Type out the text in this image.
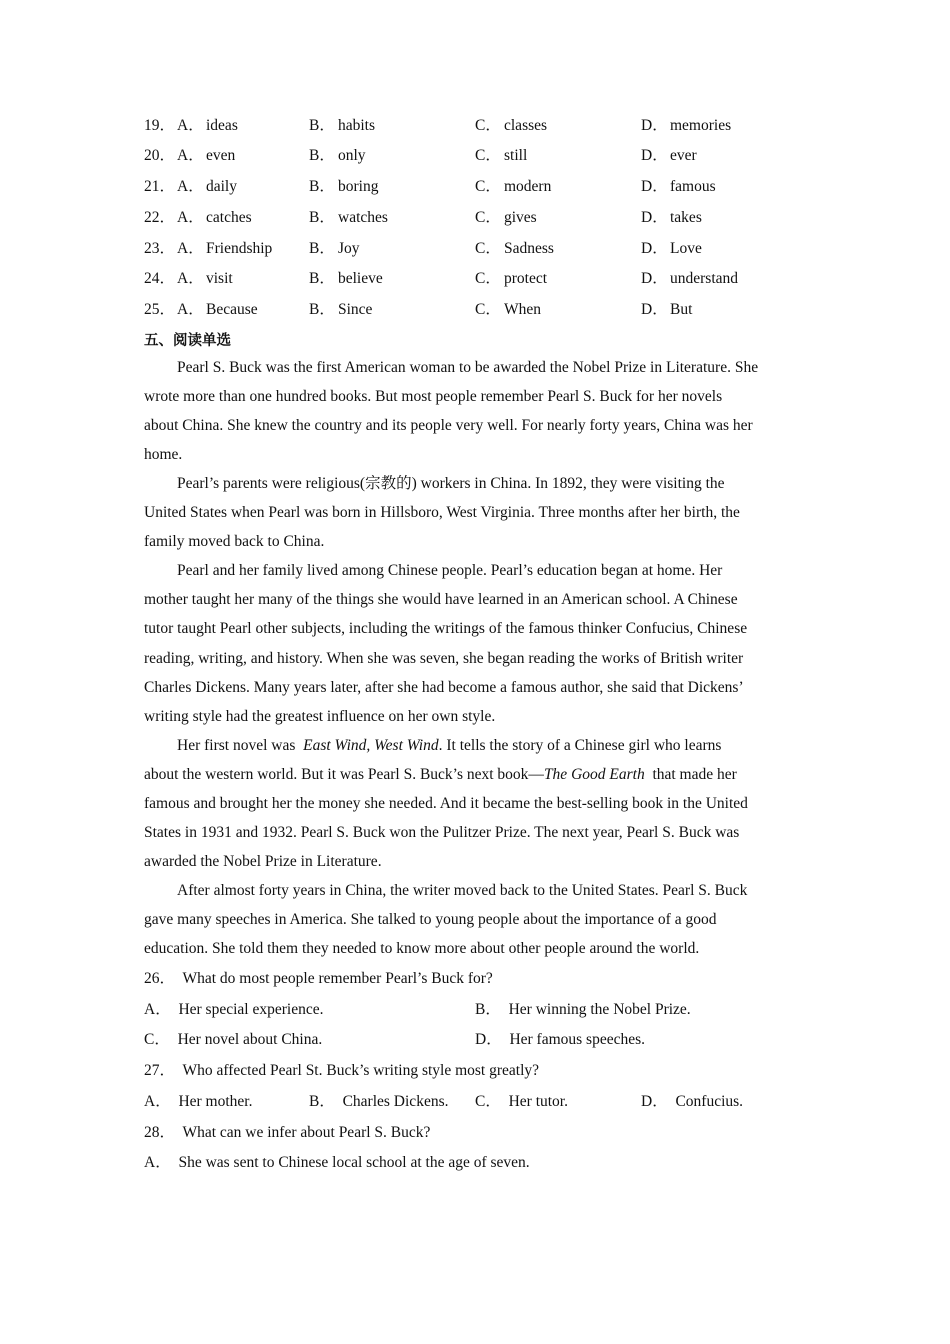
19． A． ideas	B． habits	C． classes	D． memories
20． A． even	B． only	C． still	D． ever
21． A． daily	B． boring	C． modern	D． famous
22． A． catches	B． watches	C． gives	D． takes
23． A． Friendship B． Joy	C． Sadness	D． Love
24． A． visit	B． believe	C． protect	D． understand
25． A． Because	B． Since	C． When	D． But
五、阅读单选
Pearl S. Buck was the first American woman to be awarded the Nobel Prize in Literature. She
wrote more than one hundred books. But most people remember Pearl S. Buck for her novels
about China. She knew the country and its people very well. For nearly forty years, China was her
home.
Pearl’s parents were religious(宗教的) workers in China. In 1892, they were visiting the
United States when Pearl was born in Hillsboro, West Virginia. Three months after her birth, the
family moved back to China.
Pearl and her family lived among Chinese people. Pearl’s education began at home. Her
mother taught her many of the things she would have learned in an American school. A Chinese
tutor taught Pearl other subjects, including the writings of the famous thinker Confucius, Chinese
reading, writing, and history. When she was seven, she began reading the works of British writer
Charles Dickens. Many years later, after she had become a famous author, she said that Dickens’
writing style had the greatest influence on her own style.
Her first novel was  East Wind, West Wind. It tells the story of a Chinese girl who learns
about the western world. But it was Pearl S. Buck’s next book—The Good Earth  that made her
famous and brought her the money she needed. And it became the best-selling book in the United
States in 1931 and 1932. Pearl S. Buck won the Pulitzer Prize. The next year, Pearl S. Buck was
awarded the Nobel Prize in Literature.
After almost forty years in China, the writer moved back to the United States. Pearl S. Buck
gave many speeches in America. She talked to young people about the importance of a good
education. She told them they needed to know more about other people around the world.
26．  What do most people remember Pearl’s Buck for?
A．  Her special experience.	B．  Her winning the Nobel Prize.
C．  Her novel about China.	D．  Her famous speeches.
27．  Who affected Pearl St. Buck’s writing style most greatly?
A．  Her mother.	B．  Charles Dickens. C．  Her tutor.	D．  Confucius.
28．  What can we infer about Pearl S. Buck?
A．  She was sent to Chinese local school at the age of seven.
